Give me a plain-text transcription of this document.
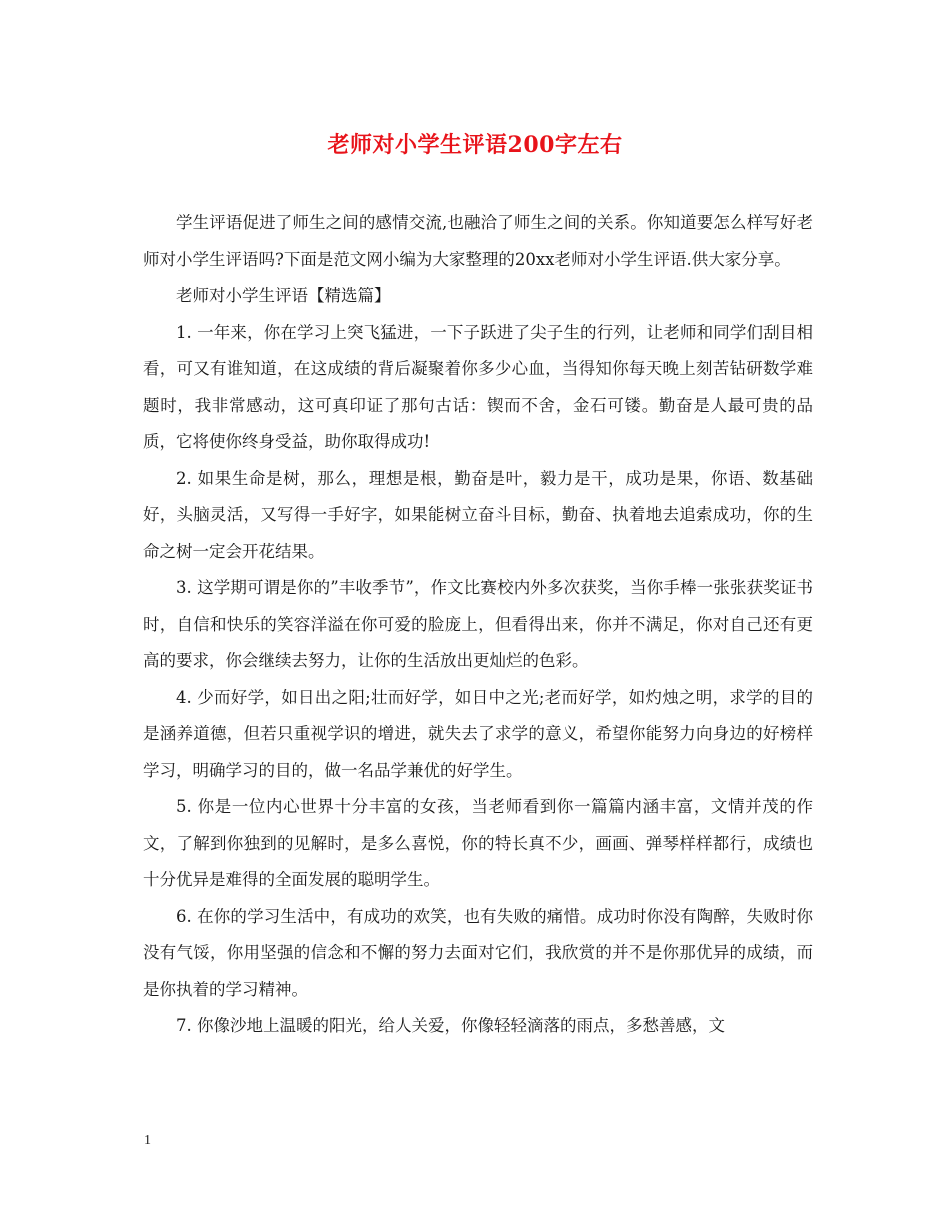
老师对小学生评语200字左右

学生评语促进了师生之间的感情交流,也融洽了师生之间的关系。你知道要怎么样写好老师对小学生评语吗?下面是范文网小编为大家整理的20xx老师对小学生评语.供大家分享。

老师对小学生评语【精选篇】

1. 一年来，你在学习上突飞猛进，一下子跃进了尖子生的行列，让老师和同学们刮目相看，可又有谁知道，在这成绩的背后凝聚着你多少心血，当得知你每天晚上刻苦钻研数学难题时，我非常感动，这可真印证了那句古话：锲而不舍，金石可镂。勤奋是人最可贵的品质，它将使你终身受益，助你取得成功!

2. 如果生命是树，那么，理想是根，勤奋是叶，毅力是干，成功是果，你语、数基础好，头脑灵活，又写得一手好字，如果能树立奋斗目标，勤奋、执着地去追索成功，你的生命之树一定会开花结果。

3. 这学期可谓是你的”丰收季节”，作文比赛校内外多次获奖，当你手棒一张张获奖证书时，自信和快乐的笑容洋溢在你可爱的脸庞上，但看得出来，你并不满足，你对自己还有更高的要求，你会继续去努力，让你的生活放出更灿烂的色彩。

4. 少而好学，如日出之阳;壮而好学，如日中之光;老而好学，如灼烛之明，求学的目的是涵养道德，但若只重视学识的增进，就失去了求学的意义，希望你能努力向身边的好榜样学习，明确学习的目的，做一名品学兼优的好学生。

5. 你是一位内心世界十分丰富的女孩，当老师看到你一篇篇内涵丰富，文情并茂的作文，了解到你独到的见解时，是多么喜悦，你的特长真不少，画画、弹琴样样都行，成绩也十分优异是难得的全面发展的聪明学生。

6. 在你的学习生活中，有成功的欢笑，也有失败的痛惜。成功时你没有陶醉，失败时你没有气馁，你用坚强的信念和不懈的努力去面对它们，我欣赏的并不是你那优异的成绩，而是你执着的学习精神。

7. 你像沙地上温暖的阳光，给人关爱，你像轻轻滴落的雨点，多愁善感，文

1
